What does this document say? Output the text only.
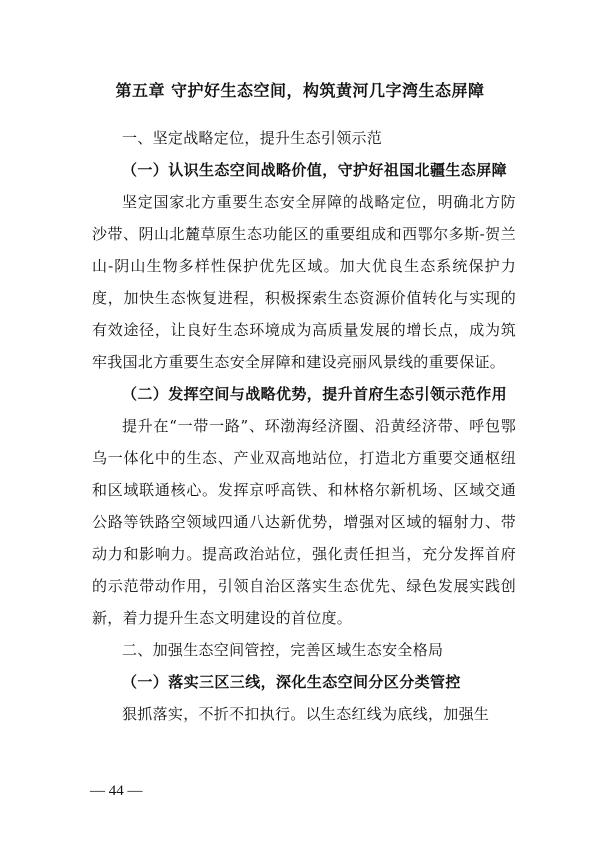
第五章 守护好生态空间，构筑黄河几字湾生态屏障

一、坚定战略定位，提升生态引领示范

（一）认识生态空间战略价值，守护好祖国北疆生态屏障

坚定国家北方重要生态安全屏障的战略定位，明确北方防沙带、阴山北麓草原生态功能区的重要组成和西鄂尔多斯-贺兰山-阴山生物多样性保护优先区域。加大优良生态系统保护力度，加快生态恢复进程，积极探索生态资源价值转化与实现的有效途径，让良好生态环境成为高质量发展的增长点，成为筑牢我国北方重要生态安全屏障和建设亮丽风景线的重要保证。

（二）发挥空间与战略优势，提升首府生态引领示范作用

提升在“一带一路”、环渤海经济圈、沿黄经济带、呼包鄂乌一体化中的生态、产业双高地站位，打造北方重要交通枢纽和区域联通核心。发挥京呼高铁、和林格尔新机场、区域交通公路等铁路空领域四通八达新优势，增强对区域的辐射力、带动力和影响力。提高政治站位，强化责任担当，充分发挥首府的示范带动作用，引领自治区落实生态优先、绿色发展实践创新，着力提升生态文明建设的首位度。

二、加强生态空间管控，完善区域生态安全格局

（一）落实三区三线，深化生态空间分区分类管控

狠抓落实，不折不扣执行。以生态红线为底线，加强生

— 44 —
